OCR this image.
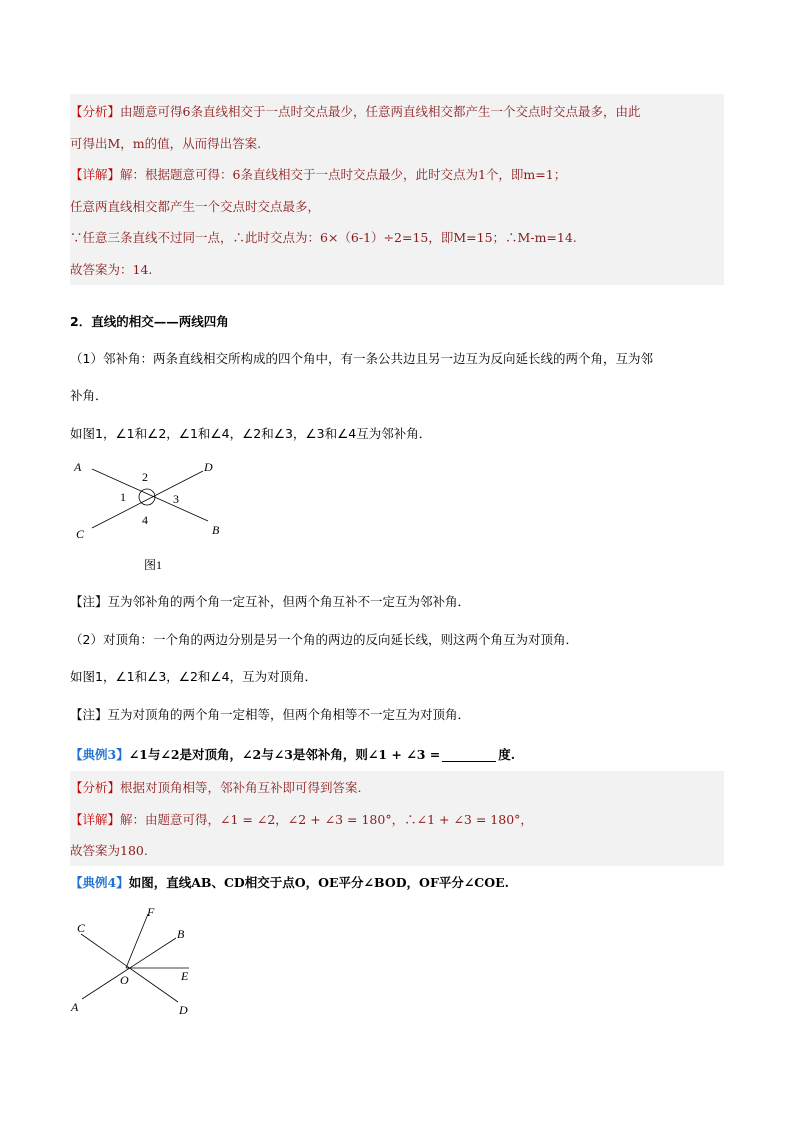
【分析】由题意可得6条直线相交于一点时交点最少，任意两直线相交都产生一个交点时交点最多，由此
可得出M，m的值，从而得出答案.
【详解】解：根据题意可得：6条直线相交于一点时交点最少，此时交点为1个，即m=1；
任意两直线相交都产生一个交点时交点最多，
∵任意三条直线不过同一点，∴此时交点为：6×（6-1）÷2=15，即M=15；∴M-m=14.
故答案为：14.
2．直线的相交——两线四角
（1）邻补角：两条直线相交所构成的四个角中，有一条公共边且另一边互为反向延长线的两个角，互为邻
补角．
如图1，∠1和∠2，∠1和∠4，∠2和∠3，∠3和∠4互为邻补角．
A	D
C	B
1
2
3
4
图1
【注】互为邻补角的两个角一定互补，但两个角互补不一定互为邻补角．
（2）对顶角：一个角的两边分别是另一个角的两边的反向延长线，则这两个角互为对顶角．
如图1，∠1和∠3，∠2和∠4，互为对顶角．
【注】互为对顶角的两个角一定相等，但两个角相等不一定互为对顶角．
【典例3】∠1与∠2是对顶角，∠2与∠3是邻补角，则∠1 + ∠3 =	度.
【分析】根据对顶角相等，邻补角互补即可得到答案.
【详解】解：由题意可得，∠1 = ∠2，∠2 + ∠3 = 180°，∴∠1 + ∠3 = 180°，
故答案为180.
【典例4】如图，直线AB、CD相交于点O，OE平分∠BOD，OF平分∠COE.
C
F
B
E
O
A	D
